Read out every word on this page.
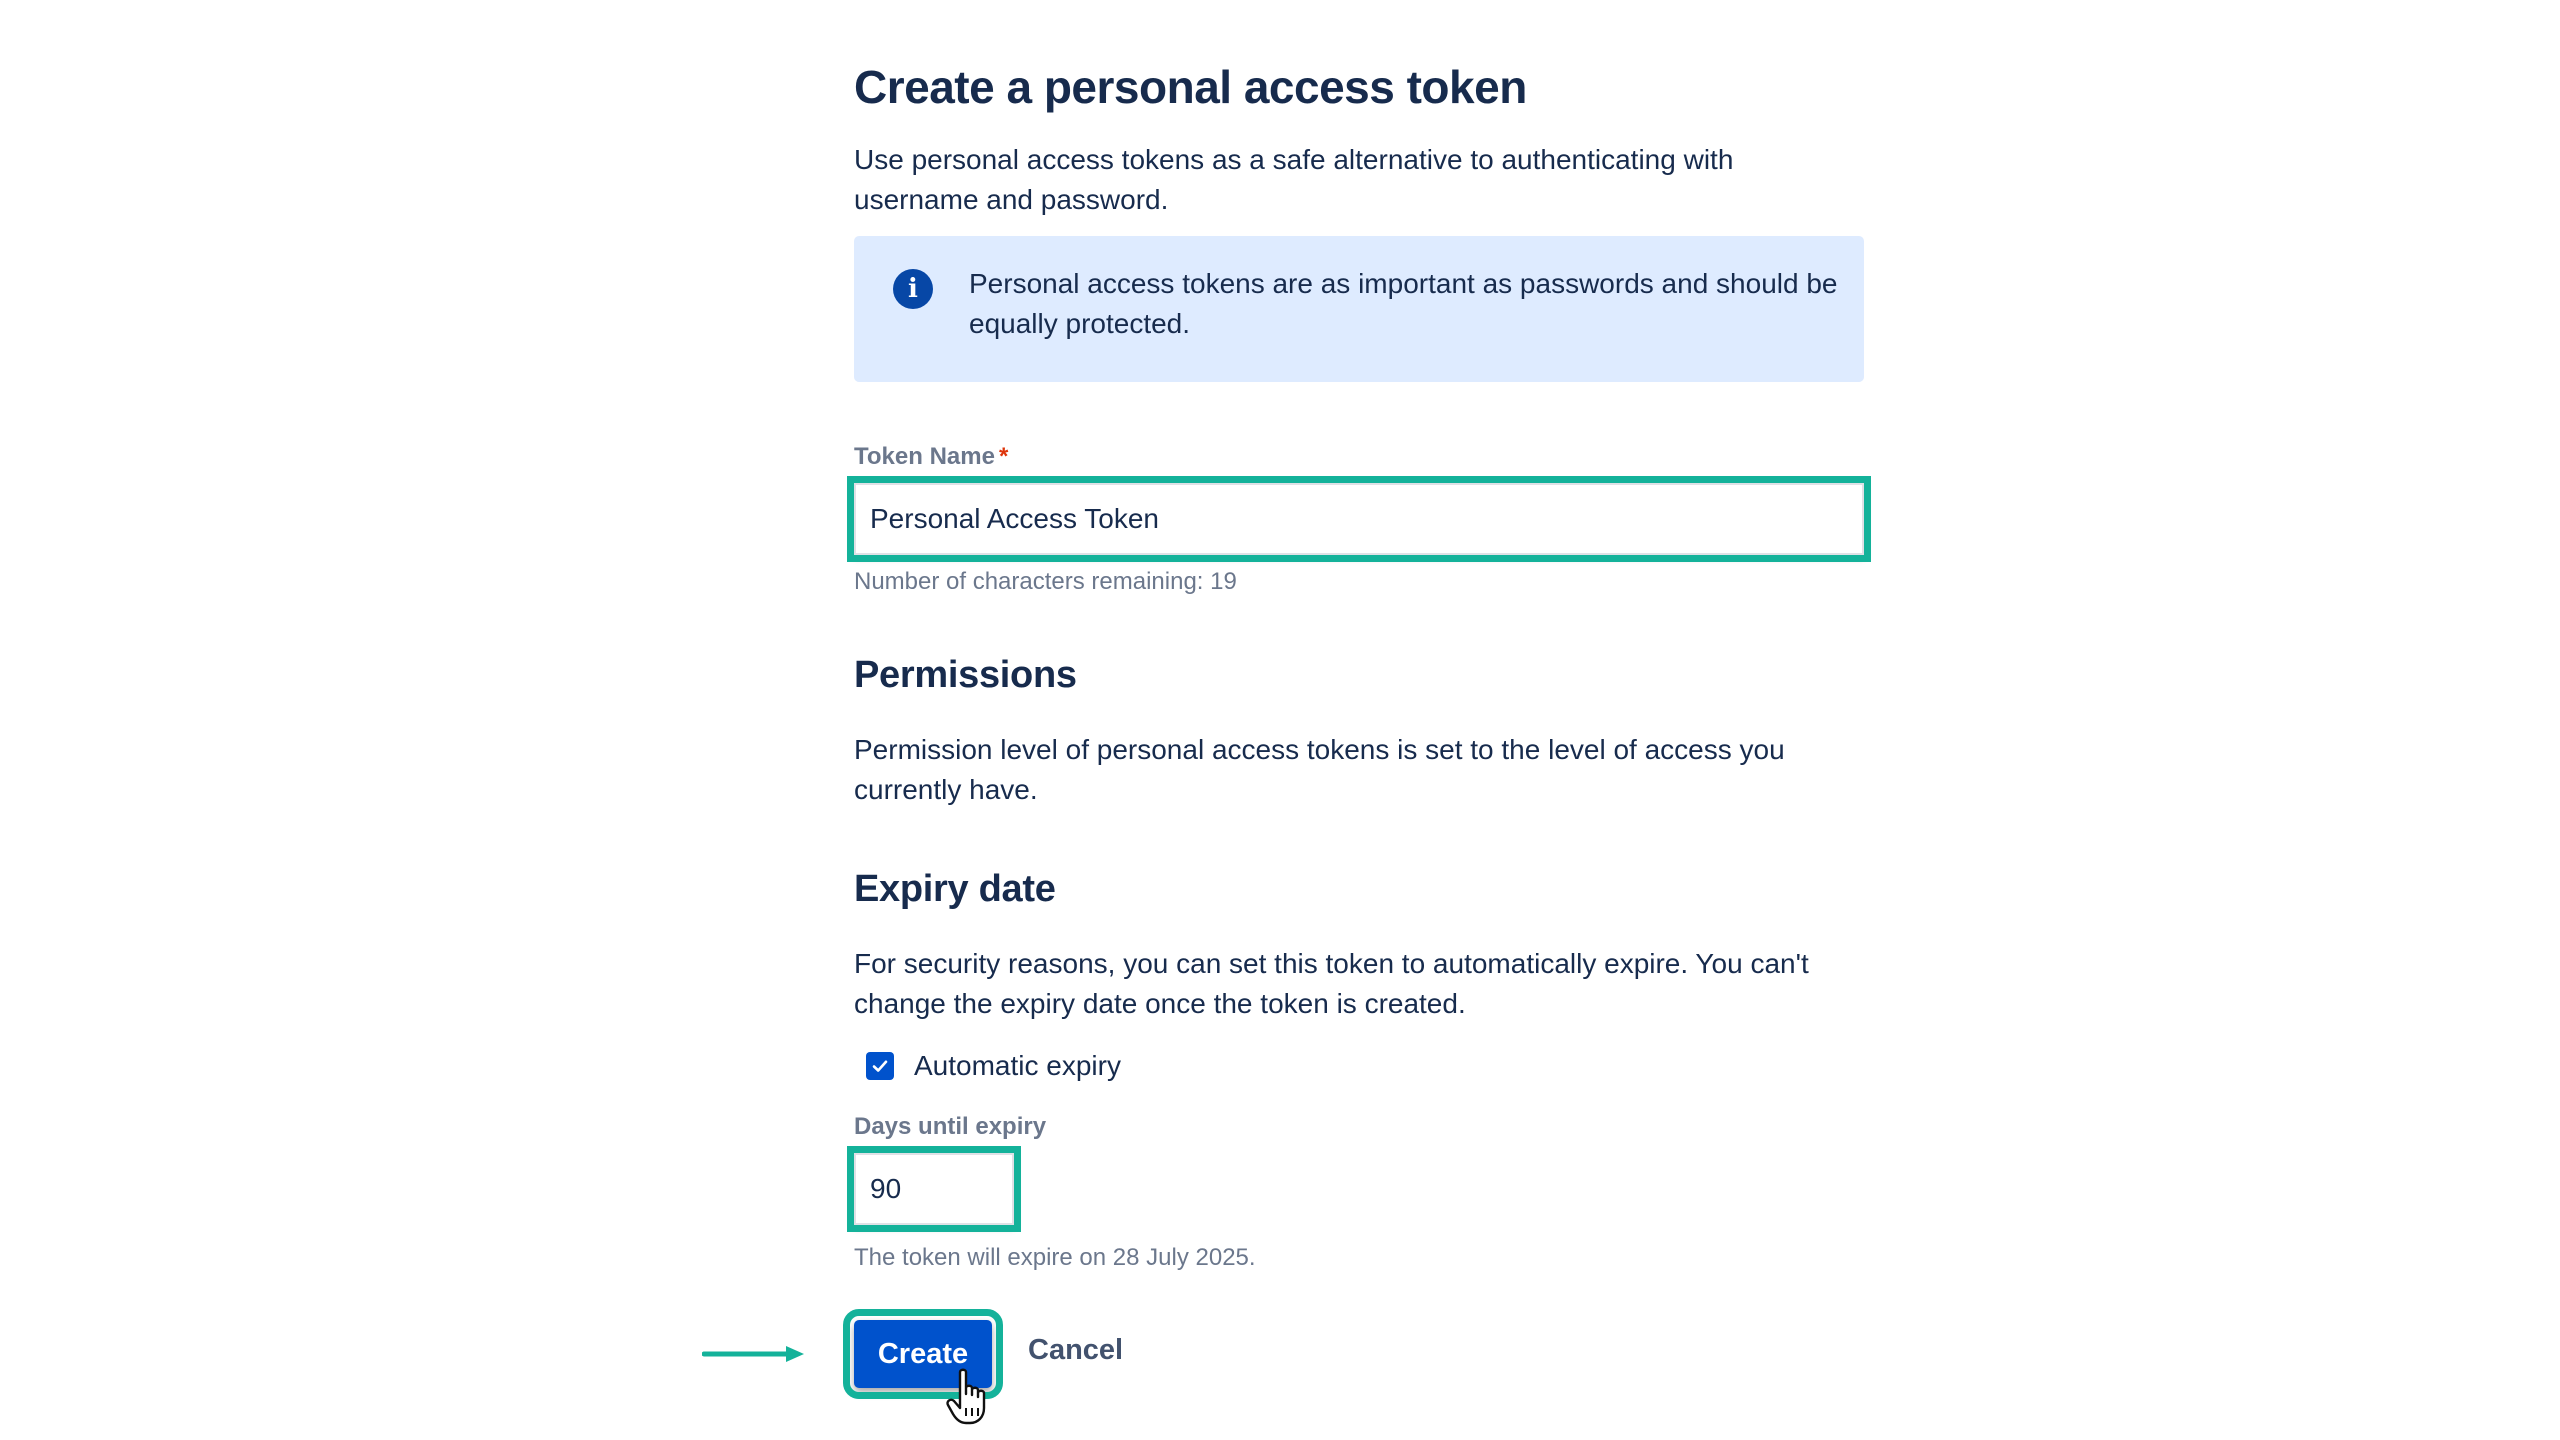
Create a personal access token

Use personal access tokens as a safe alternative to authenticating with username and password.

i	Personal access tokens are as important as passwords and should be equally protected.

Token Name *
Personal Access Token
Number of characters remaining: 19
Permissions

Permission level of personal access tokens is set to the level of access you currently have.

Expiry date

For security reasons, you can set this token to automatically expire. You can't change the expiry date once the token is created.

Automatic expiry
Days until expiry
90
The token will expire on 28 July 2025.
Create	Cancel
